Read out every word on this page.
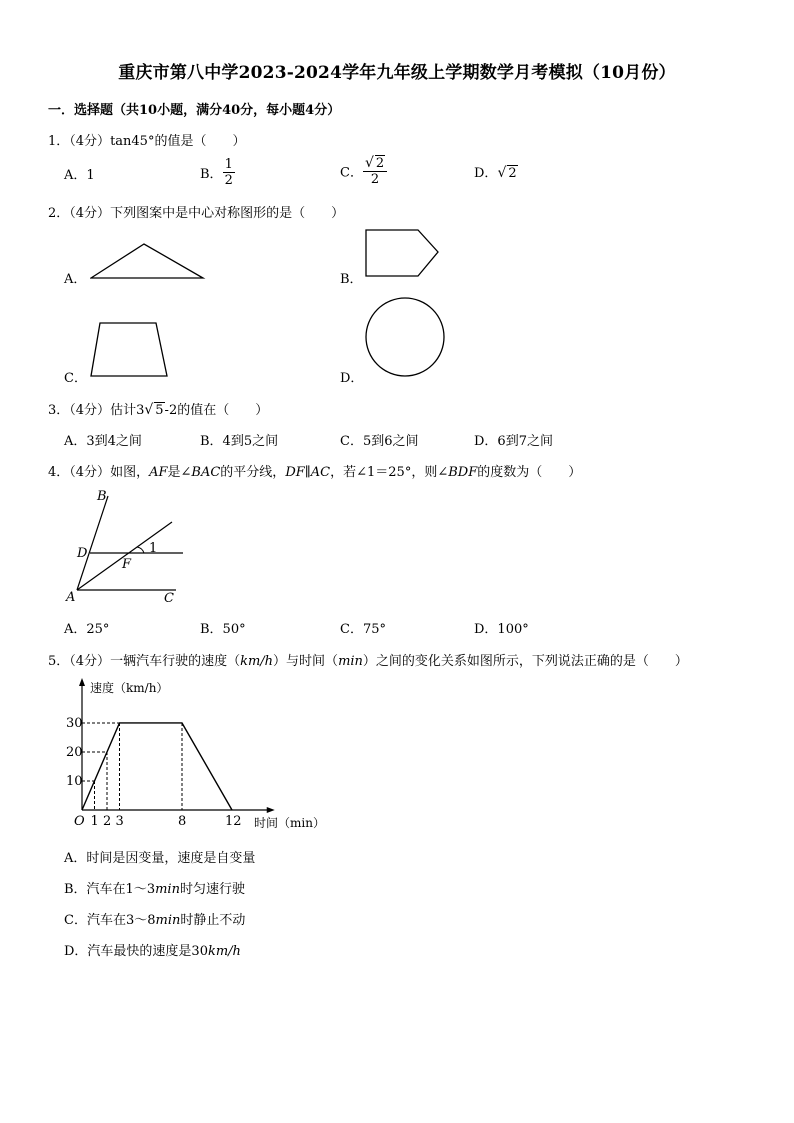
重庆市第八中学2023-2024学年九年级上学期数学月考模拟（10月份）
一．选择题（共10小题，满分40分，每小题4分）
1．（4分）tan45°的值是（　　）
A．1	B． $\frac{1}{2}$	C． $\frac{√ 2}{2}$	D．√ 2
2．（4分）下列图案中是中心对称图形的是（　　）
A．	B．
C．	D．
3．（4分）估计3√ 5-2的值在（　　）
A．3到4之间	B．4到5之间	C．5到6之间	D．6到7之间
4．（4分）如图，AF是∠BAC的平分线，DF∥AC，若∠1＝25°，则∠BDF的度数为（　　）
B
D
F
A	C
1
A．25°	B．50°	C．75°	D．100°
5．（4分）一辆汽车行驶的速度（km/h）与时间（min）之间的变化关系如图所示，下列说法正确的是（　　）
10
20
30
O 1 2 3	8	12
速度（km/h）
时间（min）
A．时间是因变量，速度是自变量
B．汽车在1～3min时匀速行驶
C．汽车在3～8min时静止不动
D．汽车最快的速度是30km/h
